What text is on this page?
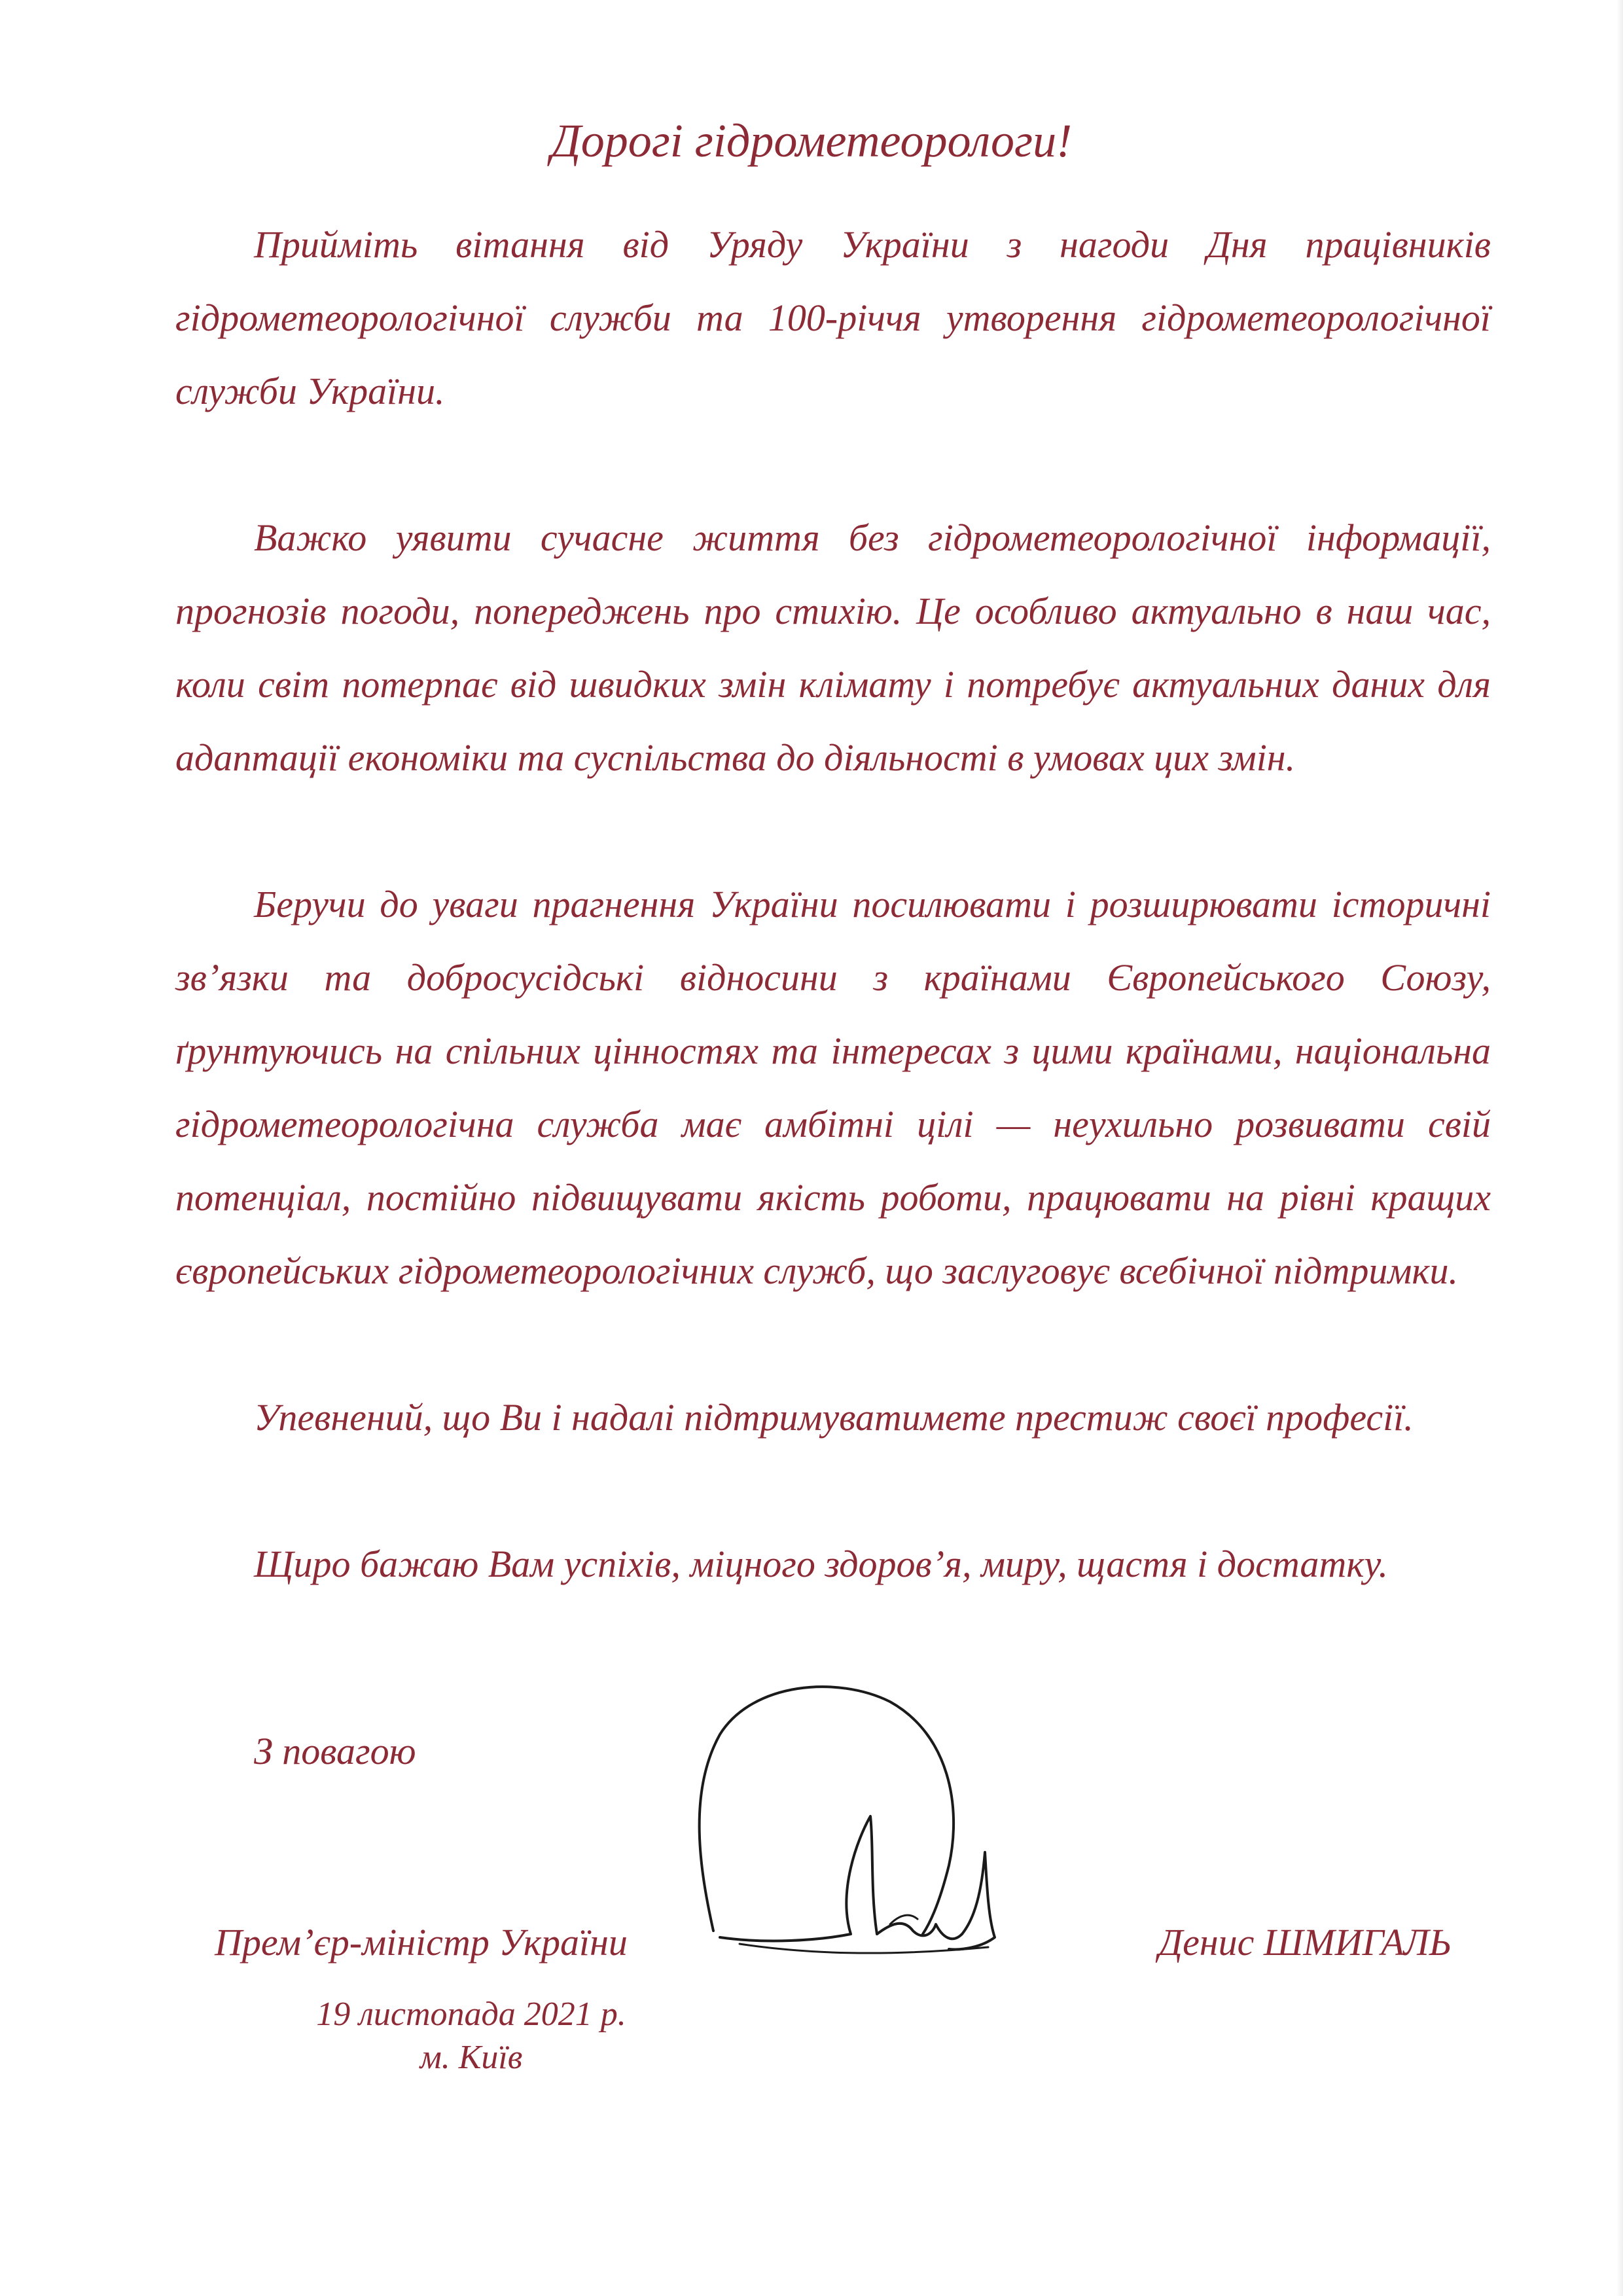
Дорогі гідрометеорологи!

Прийміть вітання від Уряду України з нагоди Дня працівників гідрометеорологічної служби та 100-річчя утворення гідрометеорологічної служби України.

Важко уявити сучасне життя без гідрометеорологічної інформації, прогнозів погоди, попереджень про стихію. Це особливо актуально в наш час, коли світ потерпає від швидких змін клімату і потребує актуальних даних для адаптації економіки та суспільства до діяльності в умовах цих змін.

Беручи до уваги прагнення України посилювати і розширювати історичні зв’язки та добросусідські відносини з країнами Європейського Союзу, ґрунтуючись на спільних цінностях та інтересах з цими країнами, національна гідрометеорологічна служба має амбітні цілі — неухильно розвивати свій потенціал, постійно підвищувати якість роботи, працювати на рівні кращих європейських гідрометеорологічних служб, що заслуговує всебічної підтримки.

Упевнений, що Ви і надалі підтримуватимете престиж своєї професії.

Щиро бажаю Вам успіхів, міцного здоров’я, миру, щастя і достатку.

З повагою
Прем’єр-міністр України	Денис ШМИГАЛЬ
19 листопада 2021 р.
м. Київ
